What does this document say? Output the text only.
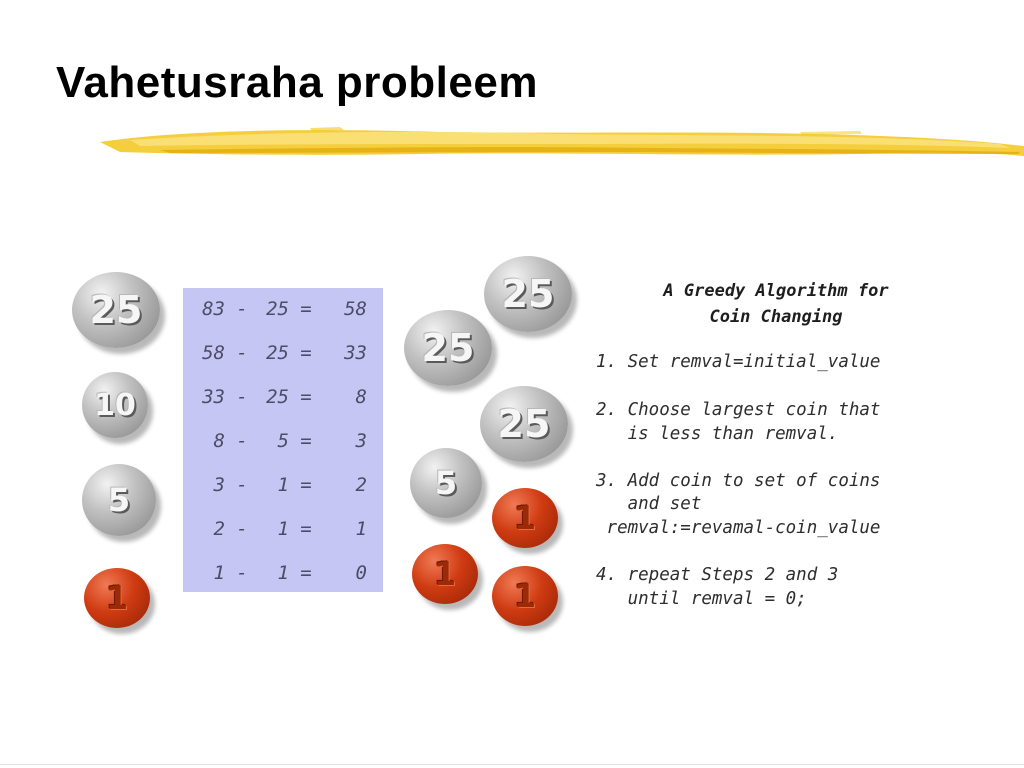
Vahetusraha probleem
25
10
5
1
83 - 25 =	58
58 - 25 =	33
33 - 25 =	8
8 -	5 =	3
3 -	1 =	2
2 -	1 =	1
1 -	1 =	0
25
25
25
5
1
1
1
A Greedy Algorithm for
Coin Changing
1. Set remval=initial_value
2. Choose largest coin that
is less than remval.
3. Add coin to set of coins
and set
remval:=revamal-coin_value
4. repeat Steps 2 and 3
until remval = 0;
